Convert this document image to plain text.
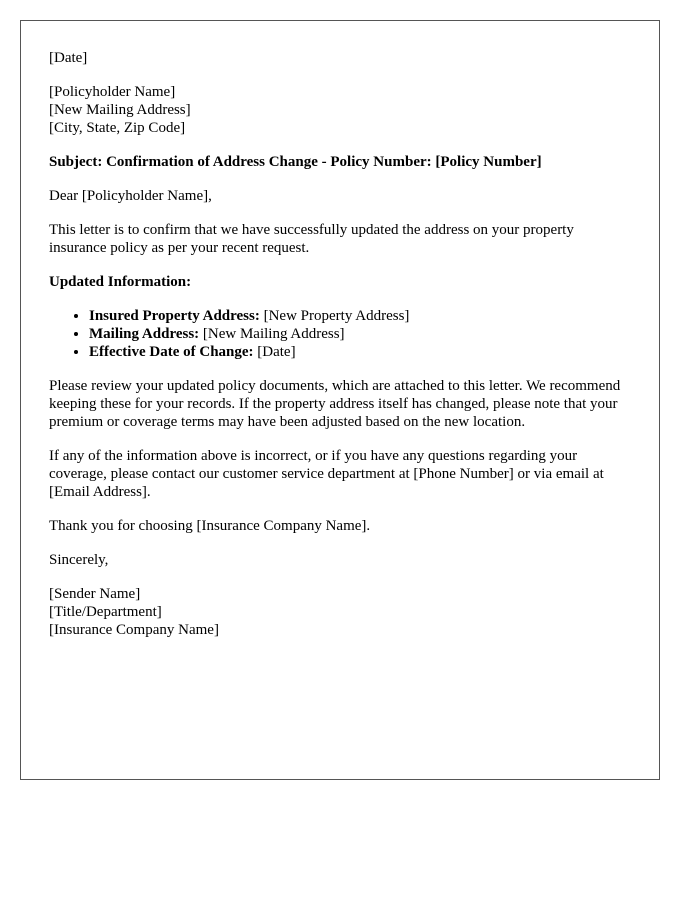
[Date]
[Policyholder Name]
[New Mailing Address]
[City, State, Zip Code]
Subject: Confirmation of Address Change - Policy Number: [Policy Number]

Dear [Policyholder Name],

This letter is to confirm that we have successfully updated the address on your property insurance policy as per your recent request.

Updated Information:
• Insured Property Address: [New Property Address]
• Mailing Address: [New Mailing Address]
• Effective Date of Change: [Date]

Please review your updated policy documents, which are attached to this letter. We recommend keeping these for your records. If the property address itself has changed, please note that your premium or coverage terms may have been adjusted based on the new location.

If any of the information above is incorrect, or if you have any questions regarding your coverage, please contact our customer service department at [Phone Number] or via email at [Email Address].

Thank you for choosing [Insurance Company Name].

Sincerely,

[Sender Name]
[Title/Department]
[Insurance Company Name]
